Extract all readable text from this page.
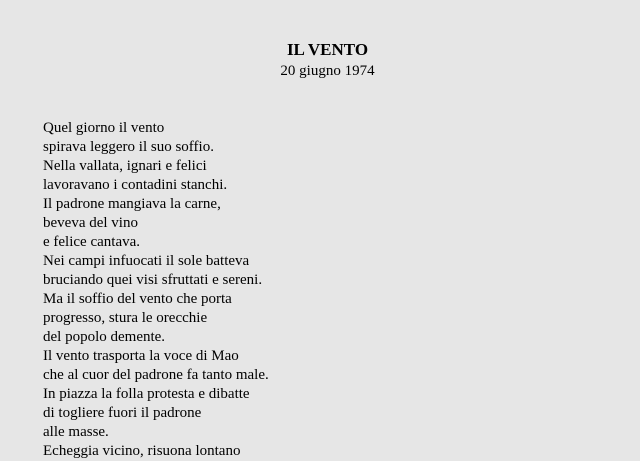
IL VENTO
20 giugno 1974
Quel giorno il vento
spirava leggero il suo soffio.
Nella vallata, ignari e felici
lavoravano i contadini stanchi.
Il padrone mangiava la carne,
beveva del vino
e felice cantava.
Nei campi infuocati il sole batteva
bruciando quei visi sfruttati e sereni.
Ma il soffio del vento che porta
progresso, stura le orecchie
del popolo demente.
Il vento trasporta la voce di Mao
che al cuor del padrone fa tanto male.
In piazza la folla protesta e dibatte
di togliere fuori il padrone
alle masse.
Echeggia vicino, risuona lontano
